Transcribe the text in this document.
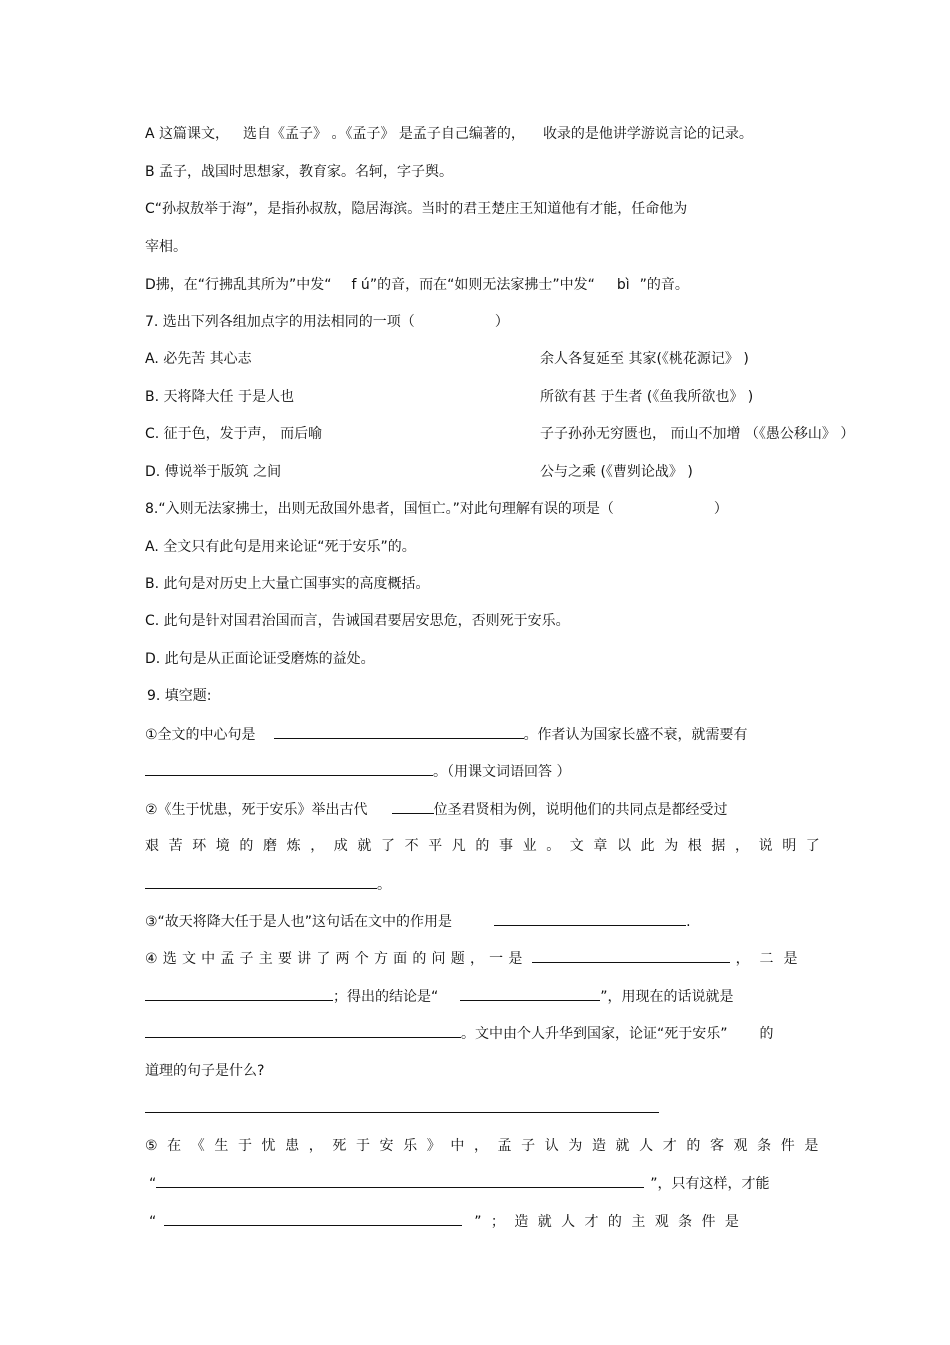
A 这篇课文， 选自《孟子》 。《孟子》 是孟子自己编著的， 收录的是他讲学游说言论的记录。
B 孟子，战国时思想家，教育家。名轲，字子舆。
C“孙叔敖举于海”，是指孙叔敖，隐居海滨。当时的君王楚庄王知道他有才能，任命他为
宰相。
D拂，在“行拂乱其所为”中发“ f ú”的音，而在“如则无法家拂士”中发“ bì ”的音。
7. 选出下列各组加点字的用法相同的一项（	）
A. 必先苦 其心志	余人各复延至 其家(《桃花源记》 )
B. 天将降大任 于是人也	所欲有甚 于生者 (《鱼我所欲也》 )
C. 征于色，发于声， 而后喻	子子孙孙无穷匮也， 而山不加增 （《愚公移山》 ）
D. 傅说举于版筑 之间	公与之乘 (《曹刿论战》 )
8.“入则无法家拂士，出则无敌国外患者，国恒亡。”对此句理解有误的项是（	）
A. 全文只有此句是用来论证“死于安乐”的。
B. 此句是对历史上大量亡国事实的高度概括。
C. 此句是针对国君治国而言，告诫国君要居安思危，否则死于安乐。
D. 此句是从正面论证受磨炼的益处。
9. 填空题:
①全文的中心句是	。作者认为国家长盛不衰，就需要有
。（用课文词语回答 ）
②《生于忧患，死于安乐》举出古代	位圣君贤相为例，说明他们的共同点是都经受过
艰苦环境的磨炼，成就了不平凡的事业。文章以此为根据，说明了
。
③“故天将降大任于是人也”这句话在文中的作用是	.
④选文中孟子主要讲了两个方面的问题，一是	，二是
；得出的结论是“	”，用现在的话说就是
。文中由个人升华到国家，论证“死于安乐” 的
道理的句子是什么?
⑤在《生于忧患，死于安乐》中，孟子认为造就人才的客观条件是
“	”，只有这样，才能
“	”；造就人才的主观条件是
